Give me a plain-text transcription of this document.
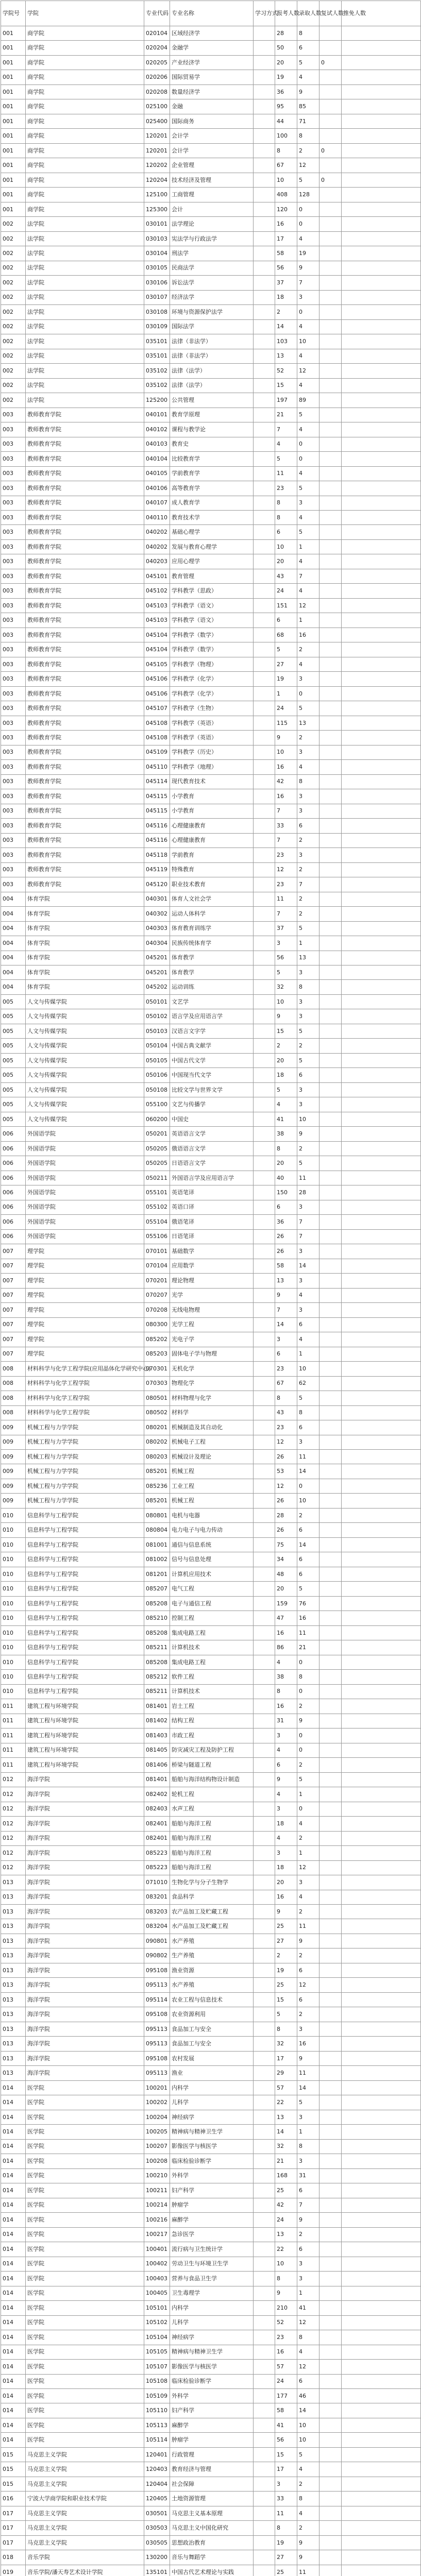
学院号	学院	专业代码	专业名称	学习方式	报考人数	录取人数	复试人数	推免人数
001	商学院	020104	区域经济学		28	8		
001	商学院	020204	金融学		50	6		
001	商学院	020205	产业经济学		20	5	0	
001	商学院	020206	国际贸易学		19	4		
001	商学院	020208	数量经济学		36	9		
001	商学院	025100	金融		95	85		
001	商学院	025400	国际商务		44	71		
001	商学院	120201	会计学		100	8		
001	商学院	120201	会计学		8	2	0	
001	商学院	120202	企业管理		67	12		
001	商学院	120204	技术经济及管理		10	5	0	
001	商学院	125100	工商管理		408	128		
001	商学院	125300	会计		120	0		
002	法学院	030101	法学理论		16	0		
002	法学院	030103	宪法学与行政法学		17	4		
002	法学院	030104	刑法学		58	19		
002	法学院	030105	民商法学		56	9		
002	法学院	030106	诉讼法学		37	7		
002	法学院	030107	经济法学		18	3		
002	法学院	030108	环境与资源保护法学		2	0		
002	法学院	030109	国际法学		14	4		
002	法学院	035101	法律（非法学）		103	10		
002	法学院	035101	法律（非法学）		13	4		
002	法学院	035102	法律（法学）		52	12		
002	法学院	035102	法律（法学）		15	4		
002	法学院	125200	公共管理		197	89		
003	教师教育学院	040101	教育学原理		21	5		
003	教师教育学院	040102	课程与教学论		7	4		
003	教师教育学院	040103	教育史		4	0		
003	教师教育学院	040104	比较教育学		5	0		
003	教师教育学院	040105	学前教育学		11	4		
003	教师教育学院	040106	高等教育学		23	5		
003	教师教育学院	040107	成人教育学		8	3		
003	教师教育学院	040110	教育技术学		8	4		
003	教师教育学院	040202	基础心理学		6	5		
003	教师教育学院	040202	发展与教育心理学		10	1		
003	教师教育学院	040203	应用心理学		20	4		
003	教师教育学院	045101	教育管理		43	7		
003	教师教育学院	045102	学科教学（思政）		24	4		
003	教师教育学院	045103	学科教学（语文）		151	12		
003	教师教育学院	045103	学科教学（语文）		6	1		
003	教师教育学院	045104	学科教学（数学）		68	16		
003	教师教育学院	045104	学科教学（数学）		5	2		
003	教师教育学院	045105	学科教学（物理）		27	4		
003	教师教育学院	045106	学科教学（化学）		19	3		
003	教师教育学院	045106	学科教学（化学）		1	0		
003	教师教育学院	045107	学科教学（生物）		24	5		
003	教师教育学院	045108	学科教学（英语）		115	13		
003	教师教育学院	045108	学科教学（英语）		9	2		
003	教师教育学院	045109	学科教学（历史）		10	3		
003	教师教育学院	045110	学科教学（地理）		16	4		
003	教师教育学院	045114	现代教育技术		42	8		
003	教师教育学院	045115	小学教育		16	3		
003	教师教育学院	045115	小学教育		7	3		
003	教师教育学院	045116	心理健康教育		33	6		
003	教师教育学院	045116	心理健康教育		7	2		
003	教师教育学院	045118	学前教育		23	3		
003	教师教育学院	045119	特殊教育		12	2		
003	教师教育学院	045120	职业技术教育		23	7		
004	体育学院	040301	体育人文社会学		11	2		
004	体育学院	040302	运动人体科学		7	2		
004	体育学院	040303	体育教育训练学		37	5		
004	体育学院	040304	民族传统体育学		3	1		
004	体育学院	045201	体育教学		56	13		
004	体育学院	045201	体育教学		5	3		
004	体育学院	045202	运动训练		32	8		
005	人文与传媒学院	050101	文艺学		10	3		
005	人文与传媒学院	050102	语言学及应用语言学		9	3		
005	人文与传媒学院	050103	汉语言文字学		15	5		
005	人文与传媒学院	050104	中国古典文献学		2	2		
005	人文与传媒学院	050105	中国古代文学		20	5		
005	人文与传媒学院	050106	中国现当代文学		18	6		
005	人文与传媒学院	050108	比较文学与世界文学		5	3		
005	人文与传媒学院	055100	文艺与传播学		4	3		
005	人文与传媒学院	060200	中国史		41	10		
006	外国语学院	050201	英语语言文学		38	9		
006	外国语学院	050205	俄语语言文学		8	2		
006	外国语学院	050205	日语语言文学		20	5		
006	外国语学院	050211	外国语言学及应用语言学		40	11		
006	外国语学院	055101	英语笔译		150	28		
006	外国语学院	055102	英语口译		6	3		
006	外国语学院	055104	俄语笔译		36	7		
006	外国语学院	055106	日语笔译		26	7		
007	理学院	070101	基础数学		26	3		
007	理学院	070104	应用数学		58	14		
007	理学院	070201	理论物理		13	3		
007	理学院	070207	光学		9	4		
007	理学院	070208	无线电物理		7	3		
007	理学院	080300	光学工程		14	6		
007	理学院	085202	光电子学		3	4		
007	理学院	085203	固体电子学与物理		6	1		
008	材料科学与化学工程学院(应用晶体化学研究中心)	070301	无机化学		23	10		
008	材料科学与化学工程学院	070303	物理化学		67	62		
008	材料科学与化学工程学院	080501	材料物理与化学		8	5		
008	材料科学与化学工程学院	080502	材料学		43	8		
009	机械工程与力学学院	080201	机械制造及其自动化		23	6		
009	机械工程与力学学院	080202	机械电子工程		12	3		
009	机械工程与力学学院	080203	机械设计及理论		26	11		
009	机械工程与力学学院	085201	机械工程		53	14		
009	机械工程与力学学院	085236	工业工程		12	0		
009	机械工程与力学学院	085201	机械工程		26	10		
010	信息科学与工程学院	080801	电机与电器		28	2		
010	信息科学与工程学院	080804	电力电子与电力传动		26	6		
010	信息科学与工程学院	081001	通信与信息系统		75	14		
010	信息科学与工程学院	081002	信号与信息处理		34	6		
010	信息科学与工程学院	081201	计算机应用技术		48	6		
010	信息科学与工程学院	085207	电气工程		20	5		
010	信息科学与工程学院	085208	电子与通信工程		159	76		
010	信息科学与工程学院	085210	控制工程		47	16		
010	信息科学与工程学院	085208	集成电路工程		16	11		
010	信息科学与工程学院	085211	计算机技术		86	21		
010	信息科学与工程学院	085208	集成电路工程		4	0		
010	信息科学与工程学院	085212	软件工程		38	8		
010	信息科学与工程学院	085211	计算机技术		8	0		
011	建筑工程与环境学院	081401	岩土工程		16	2		
011	建筑工程与环境学院	081402	结构工程		31	9		
011	建筑工程与环境学院	081403	市政工程		3	0		
011	建筑工程与环境学院	081405	防灾减灾工程及防护工程		4	0		
011	建筑工程与环境学院	081406	桥梁与隧道工程		6	2		
012	海洋学院	081401	船舶与海洋结构物设计制造		9	5		
012	海洋学院	082402	轮机工程		4	1		
012	海洋学院	082403	水声工程		3	0		
012	海洋学院	082401	船舶与海洋工程		18	4		
012	海洋学院	082401	船舶与海洋工程		4	2		
012	海洋学院	085223	船舶与海洋工程		3	1		
012	海洋学院	085223	船舶与海洋工程		18	12		
013	海洋学院	071010	生物化学与分子生物学		20	3		
013	海洋学院	083201	食品科学		16	4		
013	海洋学院	083203	农产品加工及贮藏工程		9	2		
013	海洋学院	083204	水产品加工及贮藏工程		25	11		
013	海洋学院	090801	水产养殖		27	9		
013	海洋学院	090802	生产养殖		2	2		
013	海洋学院	095108	渔业资源		19	6		
013	海洋学院	095113	水产养殖		25	12		
013	海洋学院	095114	农业工程与信息技术		15	6		
013	海洋学院	095108	农业资源利用		5	2		
013	海洋学院	095113	食品加工与安全		8	3		
013	海洋学院	095113	食品加工与安全		32	16		
013	海洋学院	095108	农村发展		17	9		
013	海洋学院	095113	渔业		29	11		
014	医学院	100201	内科学		57	14		
014	医学院	100202	儿科学		22	5		
014	医学院	100204	神经病学		13	3		
014	医学院	100205	精神病与精神卫生学		14	1		
014	医学院	100207	影像医学与核医学		32	8		
014	医学院	100208	临床检验诊断学		21	3		
014	医学院	100210	外科学		168	31		
014	医学院	100211	妇产科学		25	6		
014	医学院	100214	肿瘤学		42	7		
014	医学院	100216	麻醉学		24	9		
014	医学院	100217	急诊医学		13	2		
014	医学院	100401	流行病与卫生统计学		22	6		
014	医学院	100402	劳动卫生与环境卫生学		10	3		
014	医学院	100403	营养与食品卫生学		8	3		
014	医学院	100405	卫生毒理学		9	1		
014	医学院	105101	内科学		210	41		
014	医学院	105102	儿科学		52	12		
014	医学院	105104	神经病学		23	8		
014	医学院	105105	精神病与精神卫生学		16	4		
014	医学院	105107	影像医学与核医学		57	12		
014	医学院	105108	临床检验诊断学		24	6		
014	医学院	105109	外科学		177	46		
014	医学院	105110	妇产科学		58	14		
014	医学院	105113	麻醉学		41	10		
014	医学院	105114	肿瘤学		56	10		
015	马克思主义学院	120401	行政管理		15	5		
015	马克思主义学院	120403	教育经济与管理		17	4		
015	马克思主义学院	120404	社会保障		3	2		
016	宁波大学商学院和职业技术学院	120405	土地资源管理		33	8		
017	马克思主义学院	030501	马克思主义基本原理		11	4		
017	马克思主义学院	030503	马克思主义中国化研究		8	2		
017	马克思主义学院	030505	思想政治教育		19	9		
018	音乐学院	130200	音乐与舞蹈学		27	9		
019	音乐学院/潘天寿艺术设计学院	135101	中国古代艺术理论与实践		25	11		
